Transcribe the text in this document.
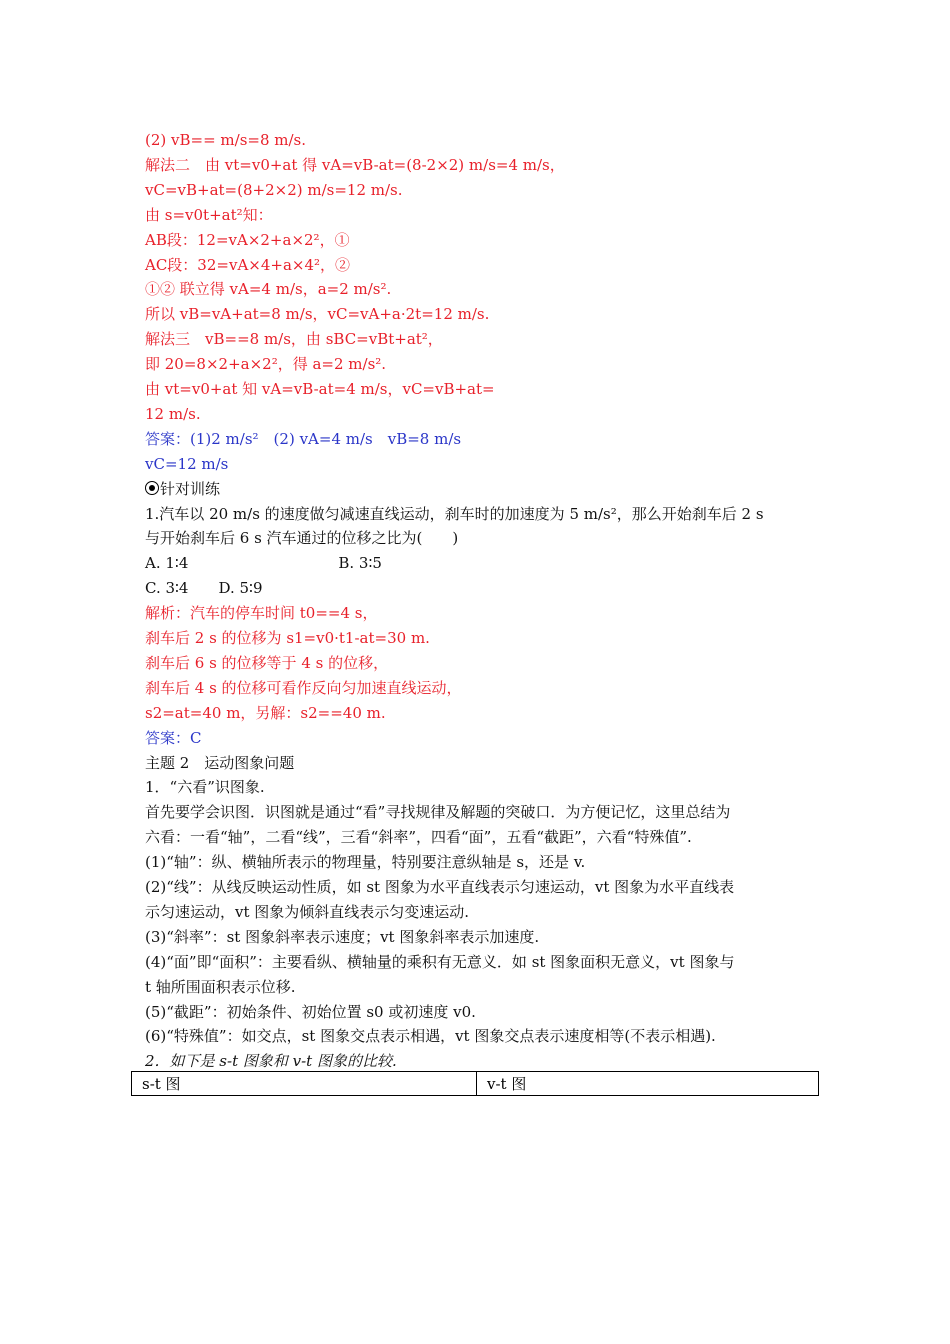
(2) vB== m/s=8 m/s.
解法二　由 vt=v0+at 得 vA=vB-at=(8-2×2) m/s=4 m/s，
vC=vB+at=(8+2×2) m/s=12 m/s.
由 s=v0t+at²知：
AB段：12=vA×2+a×2²，①
AC段：32=vA×4+a×4²，②
①② 联立得 vA=4 m/s，a=2 m/s².
所以 vB=vA+at=8 m/s，vC=vA+a·2t=12 m/s.
解法三　vB==8 m/s，由 sBC=vBt+at²，
即 20=8×2+a×2²，得 a=2 m/s².
由 vt=v0+at 知 vA=vB-at=4 m/s，vC=vB+at=
12 m/s.
答案：(1)2 m/s²　(2) vA=4 m/s　vB=8 m/s
vC=12 m/s
针对训练
1.汽车以 20 m/s 的速度做匀减速直线运动，刹车时的加速度为 5 m/s²，那么开始刹车后 2 s
与开始刹车后 6 s 汽车通过的位移之比为(　　)
A. 1∶4　　　　　　　　　　B. 3∶5
C. 3∶4　　D. 5∶9
解析：汽车的停车时间 t0==4 s，
刹车后 2 s 的位移为 s1=v0·t1-at=30 m.
刹车后 6 s 的位移等于 4 s 的位移，
刹车后 4 s 的位移可看作反向匀加速直线运动，
s2=at=40 m，另解：s2==40 m.
答案：C
主题 2　运动图象问题
1．“六看”识图象.
首先要学会识图．识图就是通过“看”寻找规律及解题的突破口．为方便记忆，这里总结为
六看：一看“轴”，二看“线”，三看“斜率”，四看“面”，五看“截距”，六看“特殊值”.
(1)“轴”：纵、横轴所表示的物理量，特别要注意纵轴是 s，还是 v.
(2)“线”：从线反映运动性质，如 st 图象为水平直线表示匀速运动，vt 图象为水平直线表
示匀速运动，vt 图象为倾斜直线表示匀变速运动.
(3)“斜率”：st 图象斜率表示速度；vt 图象斜率表示加速度.
(4)“面”即“面积”：主要看纵、横轴量的乘积有无意义．如 st 图象面积无意义，vt 图象与
t 轴所围面积表示位移.
(5)“截距”：初始条件、初始位置 s0 或初速度 v0.
(6)“特殊值”：如交点，st 图象交点表示相遇，vt 图象交点表示速度相等(不表示相遇).
2．如下是 s-t 图象和 v-t 图象的比较.
s-t 图	v-t 图
